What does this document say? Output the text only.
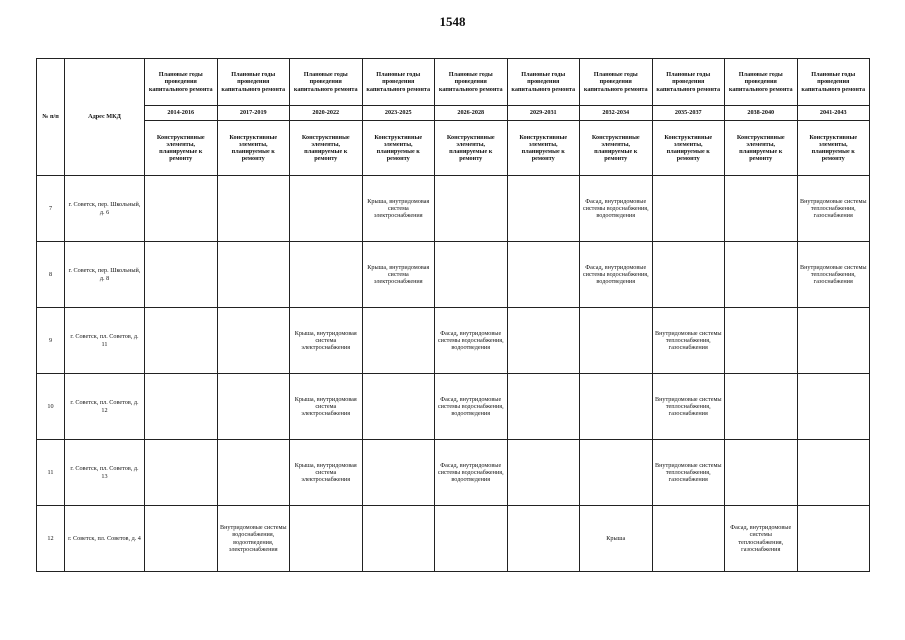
1548
№ п/п	Адрес МКД	Плановые годы проведения капитального ремонта	Плановые годы проведения капитального ремонта	Плановые годы проведения капитального ремонта	Плановые годы проведения капитального ремонта	Плановые годы проведения капитального ремонта	Плановые годы проведения капитального ремонта	Плановые годы проведения капитального ремонта	Плановые годы проведения капитального ремонта	Плановые годы проведения капитального ремонта	Плановые годы проведения капитального ремонта
		2014-2016	2017-2019	2020-2022	2023-2025	2026-2028	2029-2031	2032-2034	2035-2037	2038-2040	2041-2043
		Конструктивные элементы, планируемые к ремонту	Конструктивные элементы, планируемые к ремонту	Конструктивные элементы, планируемые к ремонту	Конструктивные элементы, планируемые к ремонту	Конструктивные элементы, планируемые к ремонту	Конструктивные элементы, планируемые к ремонту	Конструктивные элементы, планируемые к ремонту	Конструктивные элементы, планируемые к ремонту	Конструктивные элементы, планируемые к ремонту	Конструктивные элементы, планируемые к ремонту
7	г. Советск, пер. Школьный, д. 6				Крыша, внутридомовая система электроснабжения			Фасад, внутридомовые системы водоснабжения, водоотведения			Внутридомовые системы теплоснабжения, газоснабжения
8	г. Советск, пер. Школьный, д. 8				Крыша, внутридомовая система электроснабжения			Фасад, внутридомовые системы водоснабжения, водоотведения			Внутридомовые системы теплоснабжения, газоснабжения
9	г. Советск, пл. Советов, д. 11			Крыша, внутридомовая система электроснабжения		Фасад, внутридомовые системы водоснабжения, водоотведения			Внутридомовые системы теплоснабжения, газоснабжения		
10	г. Советск, пл. Советов, д. 12			Крыша, внутридомовая система электроснабжения		Фасад, внутридомовые системы водоснабжения, водоотведения			Внутридомовые системы теплоснабжения, газоснабжения		
11	г. Советск, пл. Советов, д. 13			Крыша, внутридомовая система электроснабжения		Фасад, внутридомовые системы водоснабжения, водоотведения			Внутридомовые системы теплоснабжения, газоснабжения		
12	г. Советск, пл. Советов, д. 4		Внутридомовые системы водоснабжения, водоотведения, электроснабжения					Крыша		Фасад, внутридомовые системы теплоснабжения, газоснабжения	
